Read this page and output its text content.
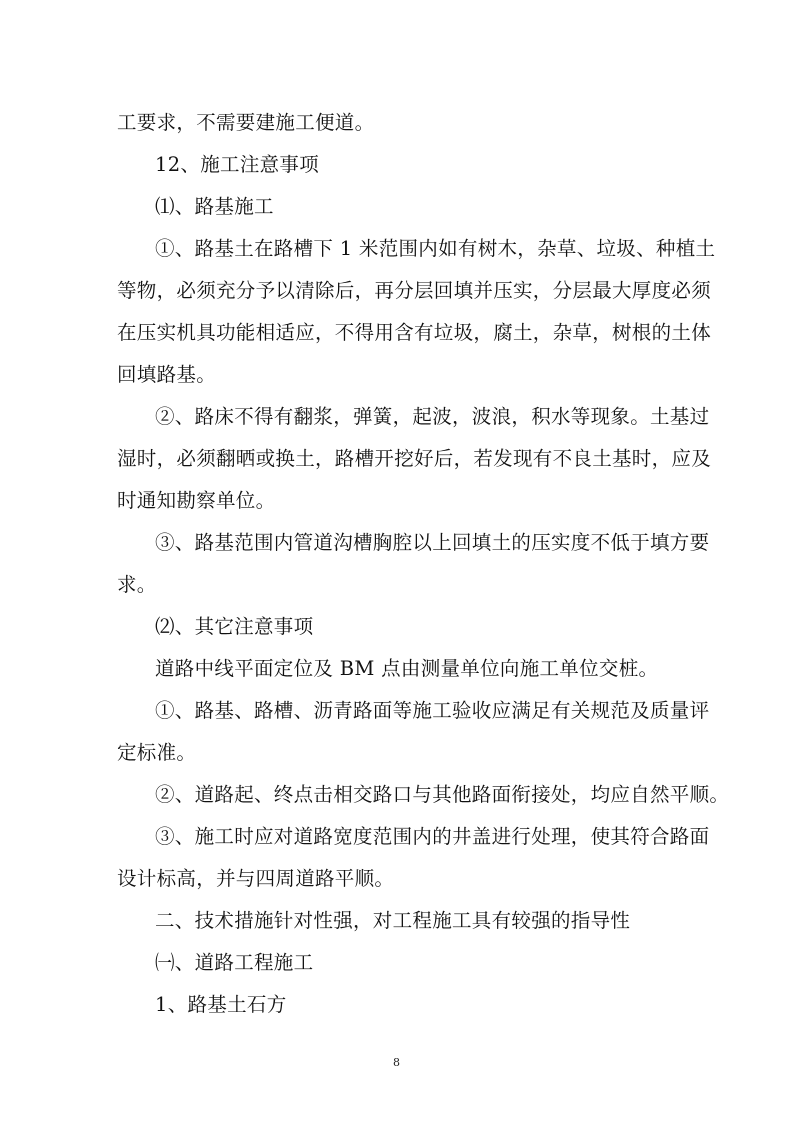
工要求，不需要建施工便道。
12、施工注意事项
⑴、路基施工
①、路基土在路槽下 1 米范围内如有树木，杂草、垃圾、种植土
等物，必须充分予以清除后，再分层回填并压实，分层最大厚度必须
在压实机具功能相适应，不得用含有垃圾，腐土，杂草，树根的土体
回填路基。
②、路床不得有翻浆，弹簧，起波，波浪，积水等现象。土基过
湿时，必须翻晒或换土，路槽开挖好后，若发现有不良土基时，应及
时通知勘察单位。
③、路基范围内管道沟槽胸腔以上回填土的压实度不低于填方要
求。
⑵、其它注意事项
道路中线平面定位及 BM 点由测量单位向施工单位交桩。
①、路基、路槽、沥青路面等施工验收应满足有关规范及质量评
定标准。
②、道路起、终点击相交路口与其他路面衔接处，均应自然平顺。
③、施工时应对道路宽度范围内的井盖进行处理，使其符合路面
设计标高，并与四周道路平顺。
二、技术措施针对性强，对工程施工具有较强的指导性
㈠、道路工程施工
1、路基土石方
8
